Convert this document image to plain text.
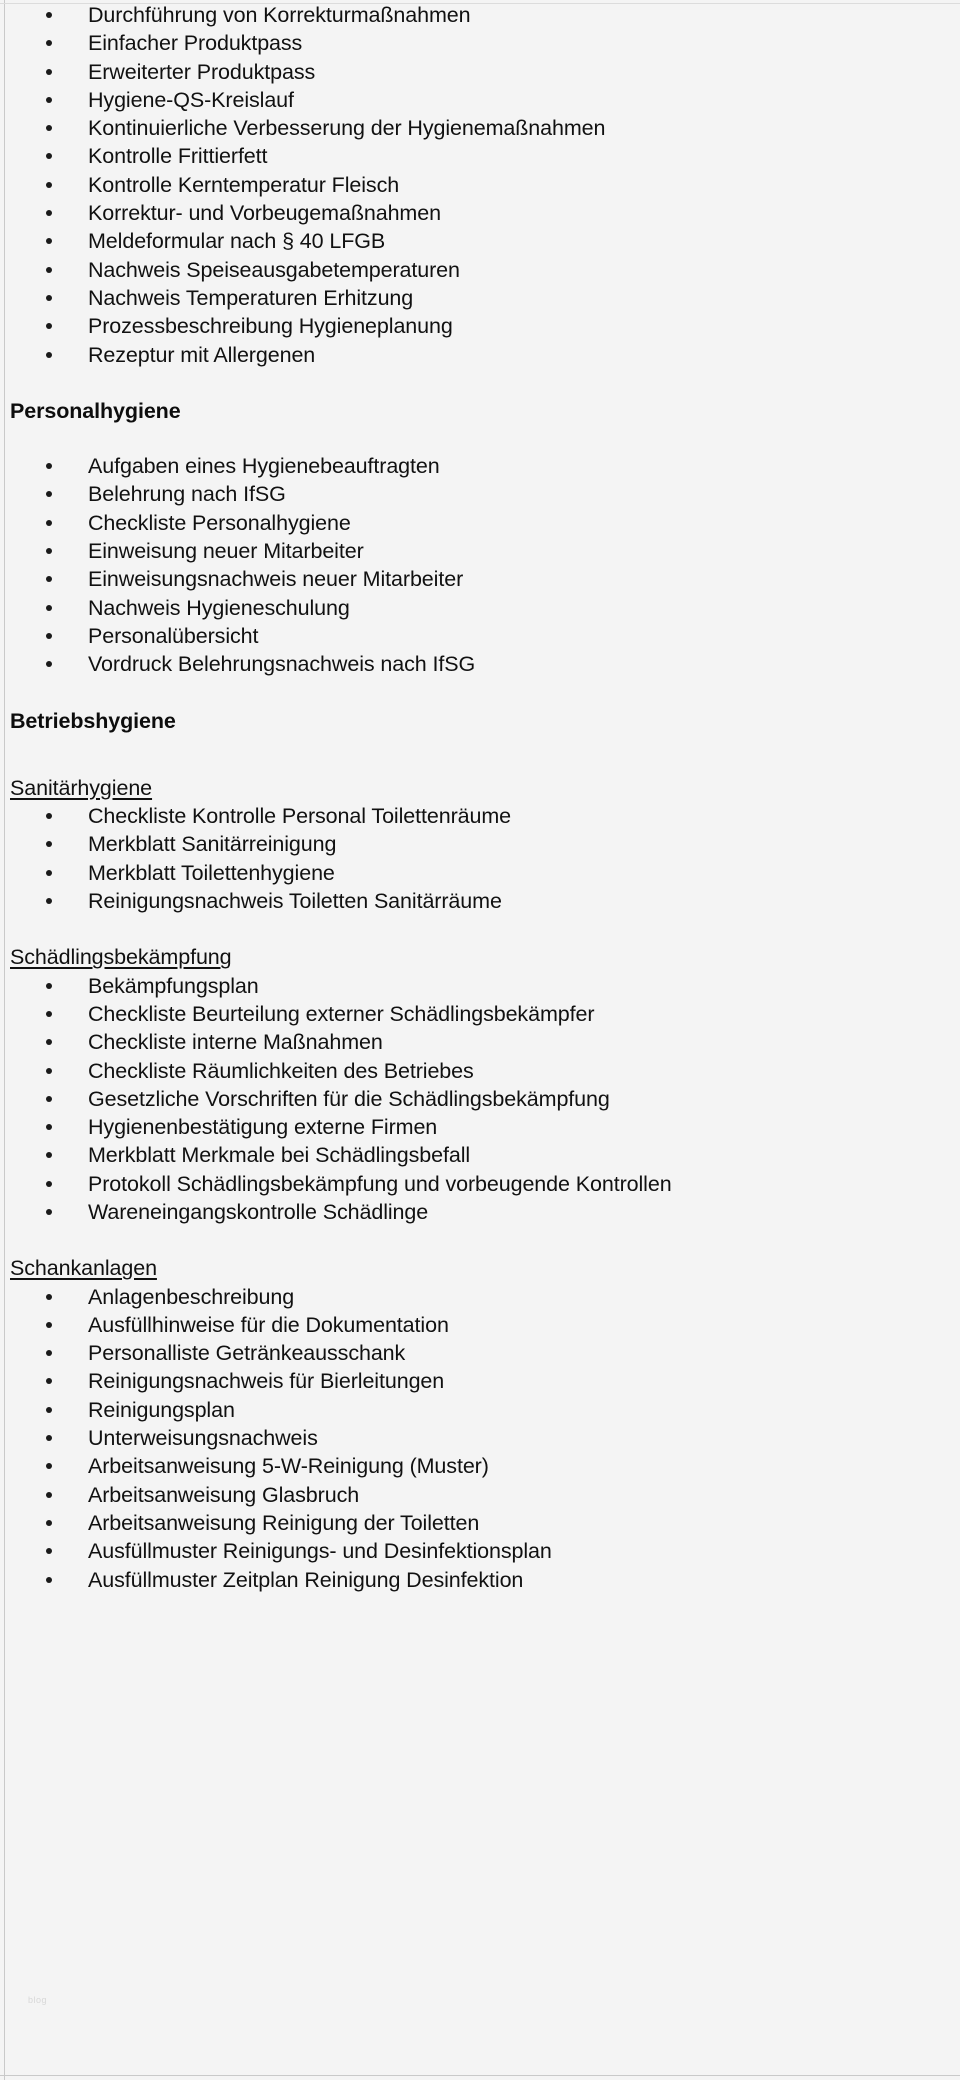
Durchführung von Korrekturmaßnahmen
Einfacher Produktpass
Erweiterter Produktpass
Hygiene-QS-Kreislauf
Kontinuierliche Verbesserung der Hygienemaßnahmen
Kontrolle Frittierfett
Kontrolle Kerntemperatur Fleisch
Korrektur- und Vorbeugemaßnahmen
Meldeformular nach § 40 LFGB
Nachweis Speiseausgabetemperaturen
Nachweis Temperaturen Erhitzung
Prozessbeschreibung Hygieneplanung
Rezeptur mit Allergenen
Personalhygiene
Aufgaben eines Hygienebeauftragten
Belehrung nach IfSG
Checkliste Personalhygiene
Einweisung neuer Mitarbeiter
Einweisungsnachweis neuer Mitarbeiter
Nachweis Hygieneschulung
Personalübersicht
Vordruck Belehrungsnachweis nach IfSG
Betriebshygiene
Sanitärhygiene
Checkliste Kontrolle Personal Toilettenräume
Merkblatt Sanitärreinigung
Merkblatt Toilettenhygiene
Reinigungsnachweis Toiletten Sanitärräume
Schädlingsbekämpfung
Bekämpfungsplan
Checkliste Beurteilung externer Schädlingsbekämpfer
Checkliste interne Maßnahmen
Checkliste Räumlichkeiten des Betriebes
Gesetzliche Vorschriften für die Schädlingsbekämpfung
Hygienenbestätigung externe Firmen
Merkblatt Merkmale bei Schädlingsbefall
Protokoll Schädlingsbekämpfung und vorbeugende Kontrollen
Wareneingangskontrolle Schädlinge
Schankanlagen
Anlagenbeschreibung
Ausfüllhinweise für die Dokumentation
Personalliste Getränkeausschank
Reinigungsnachweis für Bierleitungen
Reinigungsplan
Unterweisungsnachweis
Arbeitsanweisung 5-W-Reinigung (Muster)
Arbeitsanweisung Glasbruch
Arbeitsanweisung Reinigung der Toiletten
Ausfüllmuster Reinigungs- und Desinfektionsplan
Ausfüllmuster Zeitplan Reinigung Desinfektion
blog
